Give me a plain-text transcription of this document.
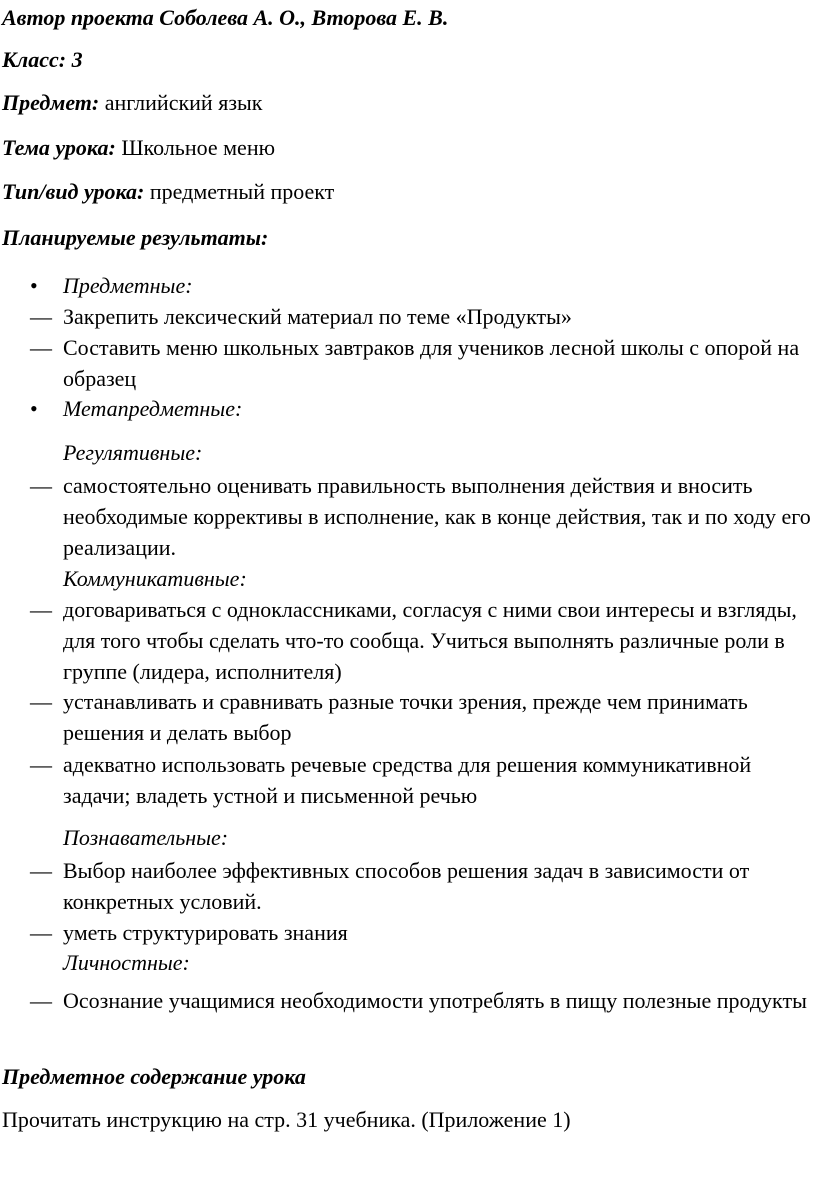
Автор проекта Соболева А. О., Второва Е. В.
Класс: 3
Предмет: английский язык
Тема урока: Школьное меню
Тип/вид урока: предметный проект
Планируемые результаты:
• Предметные:
— Закрепить лексический материал по теме «Продукты»
— Составить меню школьных завтраков для учеников лесной школы с опорой на образец
• Метапредметные:
Регулятивные:
— самостоятельно оценивать правильность выполнения действия и вносить необходимые коррективы в исполнение, как в конце действия, так и по ходу его реализации.
Коммуникативные:
— договариваться с одноклассниками, согласуя с ними свои интересы и взгляды, для того чтобы сделать что-то сообща. Учиться выполнять различные роли в группе (лидера, исполнителя)
— устанавливать и сравнивать разные точки зрения, прежде чем принимать решения и делать выбор
— адекватно использовать речевые средства для решения коммуникативной задачи; владеть устной и письменной речью
Познавательные:
— Выбор наиболее эффективных способов решения задач в зависимости от конкретных условий.
— уметь структурировать знания
Личностные:
— Осознание учащимися необходимости употреблять в пищу полезные продукты
Предметное содержание урока
Прочитать инструкцию на стр. 31 учебника. (Приложение 1)
